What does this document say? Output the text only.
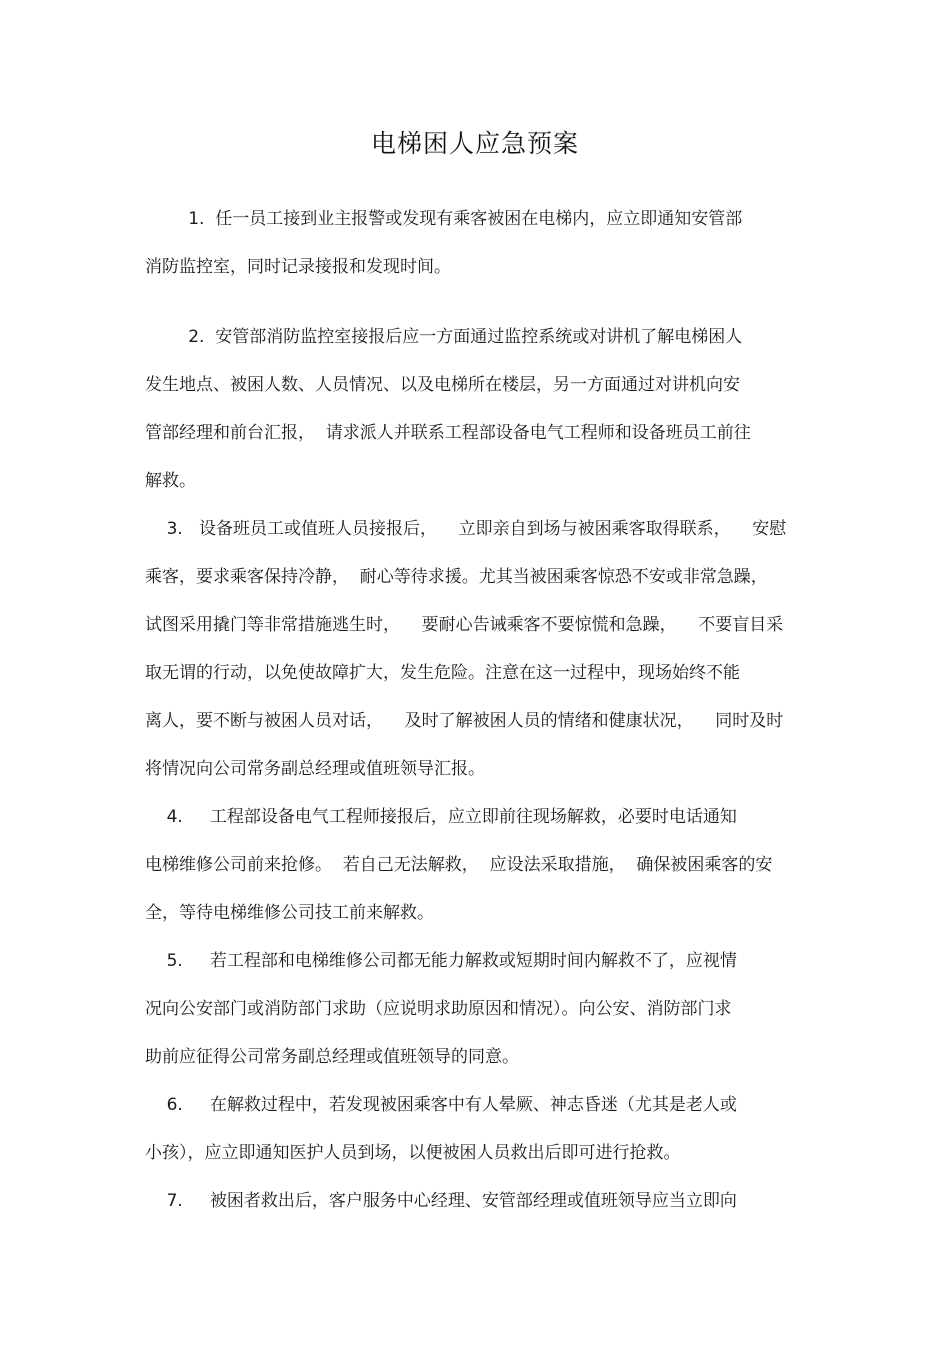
电梯困人应急预案
1.  任一员工接到业主报警或发现有乘客被困在电梯内，应立即通知安管部
消防监控室，同时记录接报和发现时间。
2.  安管部消防监控室接报后应一方面通过监控系统或对讲机了解电梯困人
发生地点、被困人数、人员情况、以及电梯所在楼层，另一方面通过对讲机向安
管部经理和前台汇报，  请求派人并联系工程部设备电气工程师和设备班员工前往
解救。
3.   设备班员工或值班人员接报后，    立即亲自到场与被困乘客取得联系，    安慰
乘客，要求乘客保持冷静，  耐心等待求援。尤其当被困乘客惊恐不安或非常急躁，
试图采用撬门等非常措施逃生时，    要耐心告诫乘客不要惊慌和急躁，    不要盲目采
取无谓的行动，以免使故障扩大，发生危险。注意在这一过程中，现场始终不能
离人，要不断与被困人员对话，    及时了解被困人员的情绪和健康状况，    同时及时
将情况向公司常务副总经理或值班领导汇报。
4.     工程部设备电气工程师接报后，应立即前往现场解救，必要时电话通知
电梯维修公司前来抢修。  若自己无法解救，  应设法采取措施，  确保被困乘客的安
全，等待电梯维修公司技工前来解救。
5.     若工程部和电梯维修公司都无能力解救或短期时间内解救不了，应视情
况向公安部门或消防部门求助（应说明求助原因和情况）。向公安、消防部门求
助前应征得公司常务副总经理或值班领导的同意。
6.     在解救过程中，若发现被困乘客中有人晕厥、神志昏迷（尤其是老人或
小孩），应立即通知医护人员到场，以便被困人员救出后即可进行抢救。
7.     被困者救出后，客户服务中心经理、安管部经理或值班领导应当立即向
